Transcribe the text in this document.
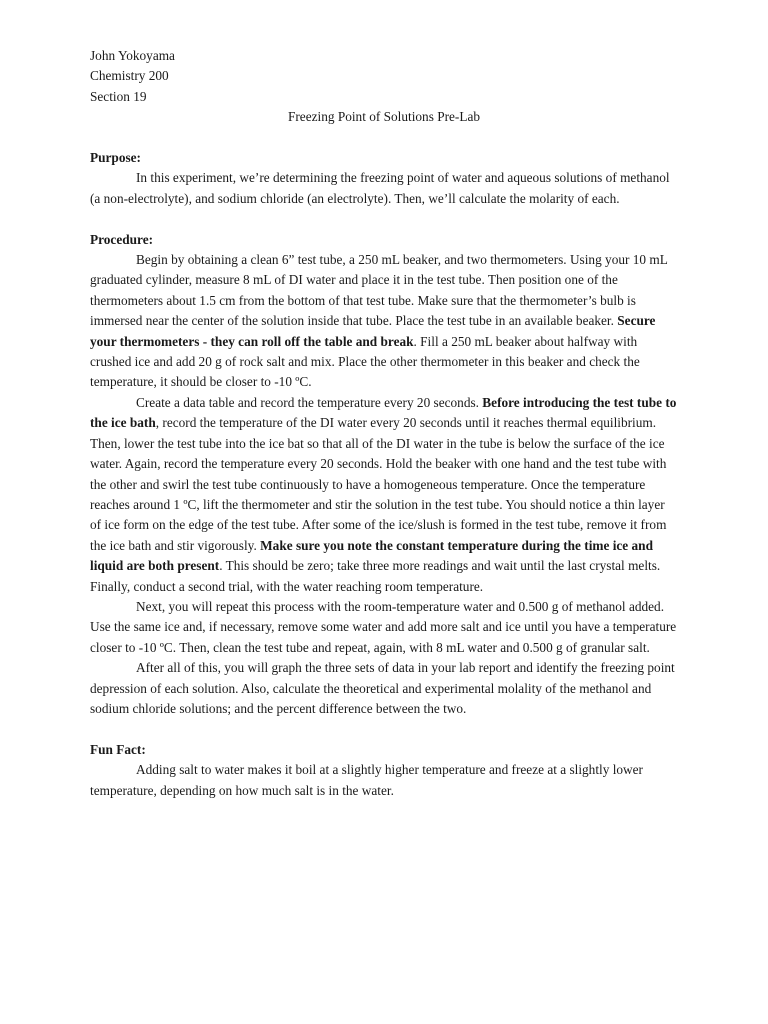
John Yokoyama
Chemistry 200
Section 19
Freezing Point of Solutions Pre-Lab
Purpose:

In this experiment, we’re determining the freezing point of water and aqueous solutions of methanol (a non-electrolyte), and sodium chloride (an electrolyte). Then, we’ll calculate the molarity of each.

Procedure:

Begin by obtaining a clean 6” test tube, a 250 mL beaker, and two thermometers. Using your 10 mL graduated cylinder, measure 8 mL of DI water and place it in the test tube. Then position one of the thermometers about 1.5 cm from the bottom of that test tube. Make sure that the thermometer’s bulb is immersed near the center of the solution inside that tube. Place the test tube in an available beaker. Secure your thermometers - they can roll off the table and break. Fill a 250 mL beaker about halfway with crushed ice and add 20 g of rock salt and mix. Place the other thermometer in this beaker and check the temperature, it should be closer to -10 ºC.

Create a data table and record the temperature every 20 seconds. Before introducing the test tube to the ice bath, record the temperature of the DI water every 20 seconds until it reaches thermal equilibrium. Then, lower the test tube into the ice bat so that all of the DI water in the tube is below the surface of the ice water. Again, record the temperature every 20 seconds. Hold the beaker with one hand and the test tube with the other and swirl the test tube continuously to have a homogeneous temperature. Once the temperature reaches around 1 ºC, lift the thermometer and stir the solution in the test tube. You should notice a thin layer of ice form on the edge of the test tube. After some of the ice/slush is formed in the test tube, remove it from the ice bath and stir vigorously. Make sure you note the constant temperature during the time ice and liquid are both present. This should be zero; take three more readings and wait until the last crystal melts. Finally, conduct a second trial, with the water reaching room temperature.

Next, you will repeat this process with the room-temperature water and 0.500 g of methanol added. Use the same ice and, if necessary, remove some water and add more salt and ice until you have a temperature closer to -10 ºC. Then, clean the test tube and repeat, again, with 8 mL water and 0.500 g of granular salt.

After all of this, you will graph the three sets of data in your lab report and identify the freezing point depression of each solution. Also, calculate the theoretical and experimental molality of the methanol and sodium chloride solutions; and the percent difference between the two.

Fun Fact:

Adding salt to water makes it boil at a slightly higher temperature and freeze at a slightly lower temperature, depending on how much salt is in the water.
